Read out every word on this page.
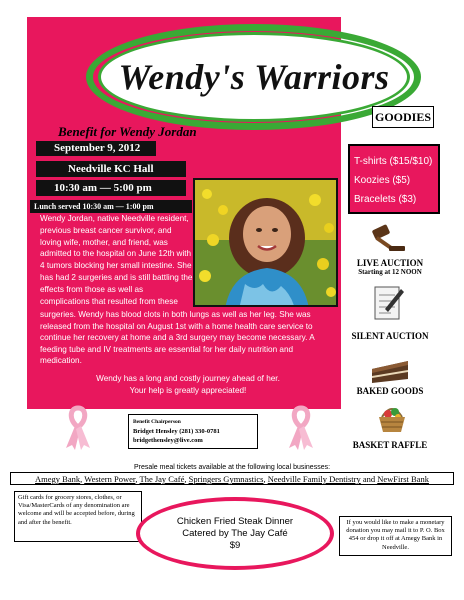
Wendy's Warriors
GOODIES
T-shirts ($15/$10)
Koozies ($5)
Bracelets ($3)
Benefit for Wendy Jordan
September 9, 2012
Needville KC Hall
10:30 am — 5:00 pm
Lunch served 10:30 am — 1:00 pm
Wendy Jordan, native Needville resident, previous breast cancer survivor, and loving wife, mother, and friend, was admitted to the hospital on June 12th with 4 tumors blocking her small intestine. She has had 2 surgeries and is still battling the effects from those as well as complications that resulted from these
surgeries. Wendy has blood clots in both lungs as well as her leg. She was released from the hospital on August 1st with a home health care service to continue her recovery at home and a 3rd surgery may become necessary. A feeding tube and IV treatments are essential for her daily nutrition and medication.
Wendy has a long and costly journey ahead of her.
Your help is greatly appreciated!
Benefit Chairperson
Bridget Hensley (281) 330-0781
bridgethensley@live.com
LIVE AUCTION
Starting at 12 NOON
SILENT AUCTION
BAKED GOODS
BASKET RAFFLE
Presale meal tickets available at the following local businesses:
Amegy Bank, Western Power, The Jay Café, Springers Gymnastics, Needville Family Dentistry and NewFirst Bank
Gift cards for grocery stores, clothes, or Visa/MasterCards of any denomination are welcome and will be accepted before, during and after the benefit.	Chicken Fried Steak Dinner
Catered by The Jay Café
$9
If you would like to make a monetary donation you may mail it to P. O. Box 454 or drop it off at Amegy Bank in Needville.
